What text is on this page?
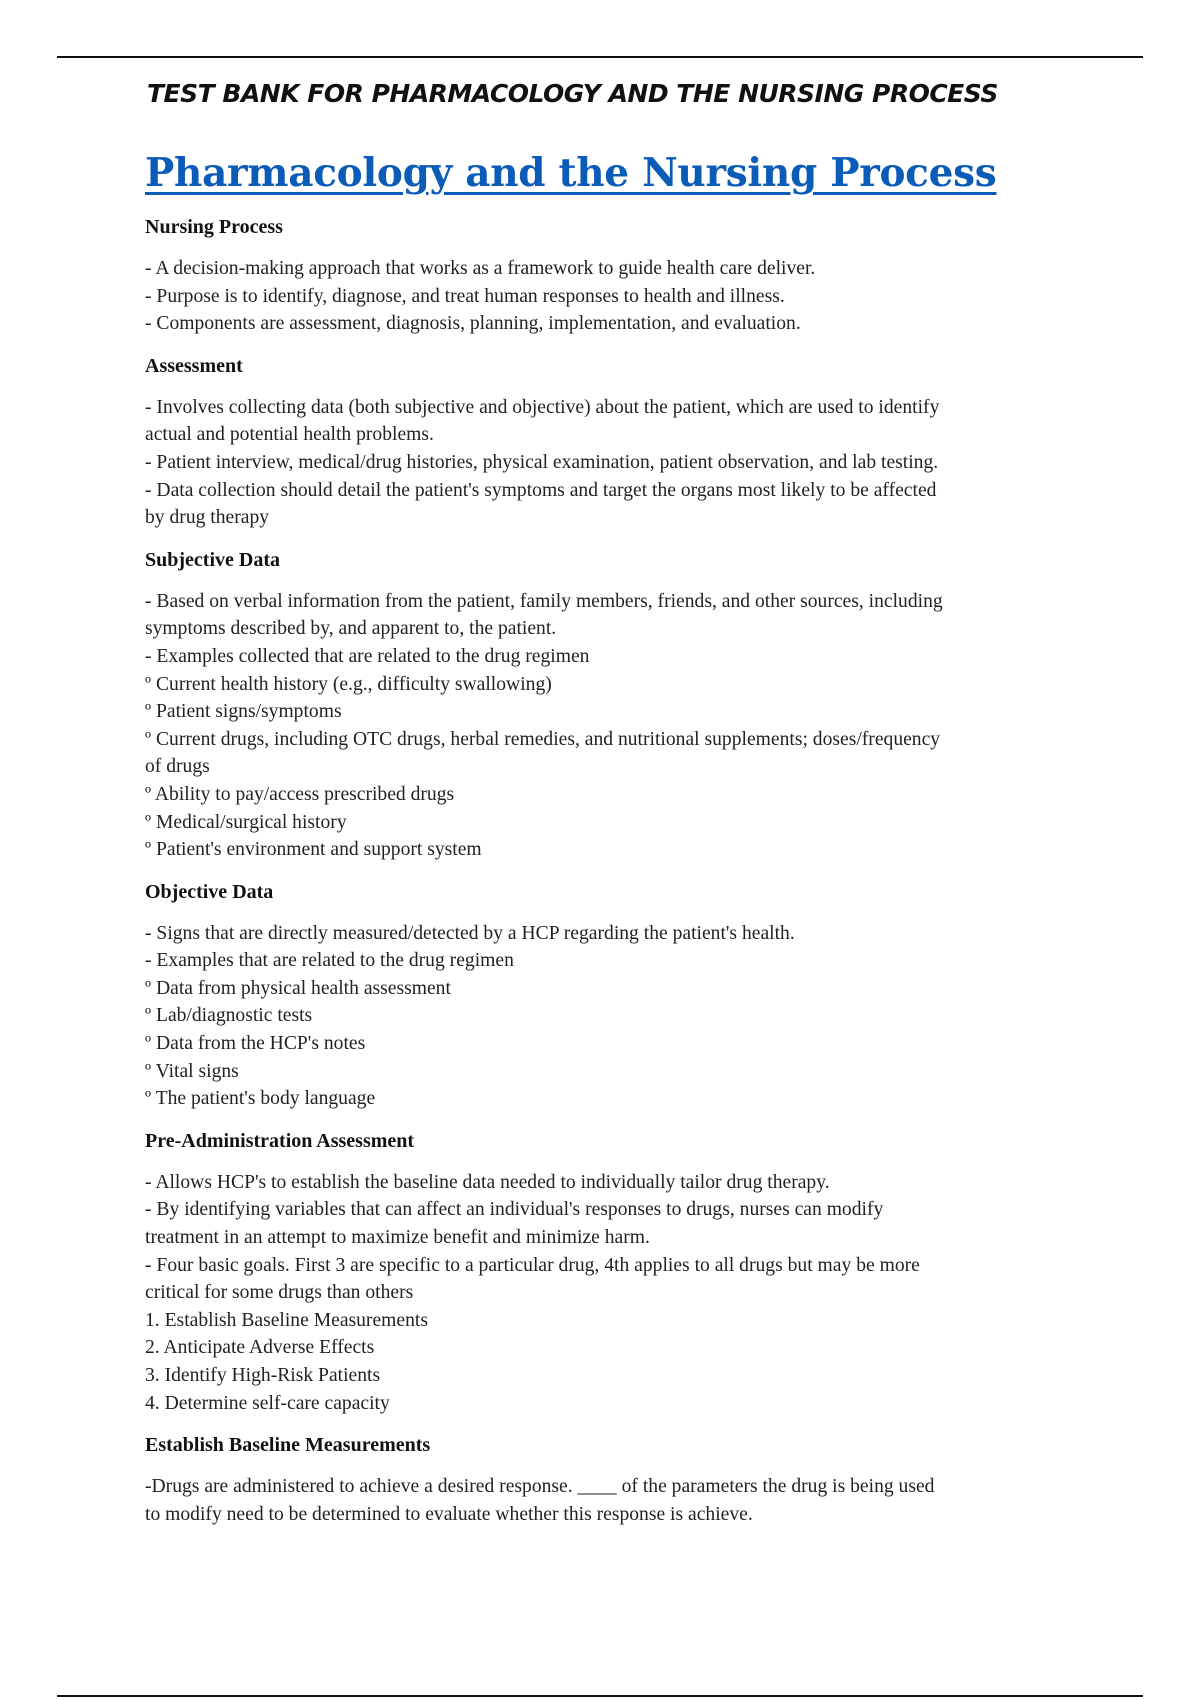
TEST BANK FOR PHARMACOLOGY AND THE NURSING PROCESS
Pharmacology and the Nursing Process
Nursing Process

- A decision-making approach that works as a framework to guide health care deliver.

- Purpose is to identify, diagnose, and treat human responses to health and illness.

- Components are assessment, diagnosis, planning, implementation, and evaluation.

Assessment

- Involves collecting data (both subjective and objective) about the patient, which are used to identify

actual and potential health problems.

- Patient interview, medical/drug histories, physical examination, patient observation, and lab testing.

- Data collection should detail the patient's symptoms and target the organs most likely to be affected

by drug therapy

Subjective Data

- Based on verbal information from the patient, family members, friends, and other sources, including

symptoms described by, and apparent to, the patient.

- Examples collected that are related to the drug regimen

º Current health history (e.g., difficulty swallowing)

º Patient signs/symptoms

º Current drugs, including OTC drugs, herbal remedies, and nutritional supplements; doses/frequency

of drugs

º Ability to pay/access prescribed drugs

º Medical/surgical history

º Patient's environment and support system

Objective Data

- Signs that are directly measured/detected by a HCP regarding the patient's health.

- Examples that are related to the drug regimen

º Data from physical health assessment

º Lab/diagnostic tests

º Data from the HCP's notes

º Vital signs

º The patient's body language

Pre-Administration Assessment

- Allows HCP's to establish the baseline data needed to individually tailor drug therapy.

- By identifying variables that can affect an individual's responses to drugs, nurses can modify

treatment in an attempt to maximize benefit and minimize harm.

- Four basic goals. First 3 are specific to a particular drug, 4th applies to all drugs but may be more

critical for some drugs than others

1. Establish Baseline Measurements

2. Anticipate Adverse Effects

3. Identify High-Risk Patients

4. Determine self-care capacity

Establish Baseline Measurements

-Drugs are administered to achieve a desired response. ____ of the parameters the drug is being used

to modify need to be determined to evaluate whether this response is achieve.
